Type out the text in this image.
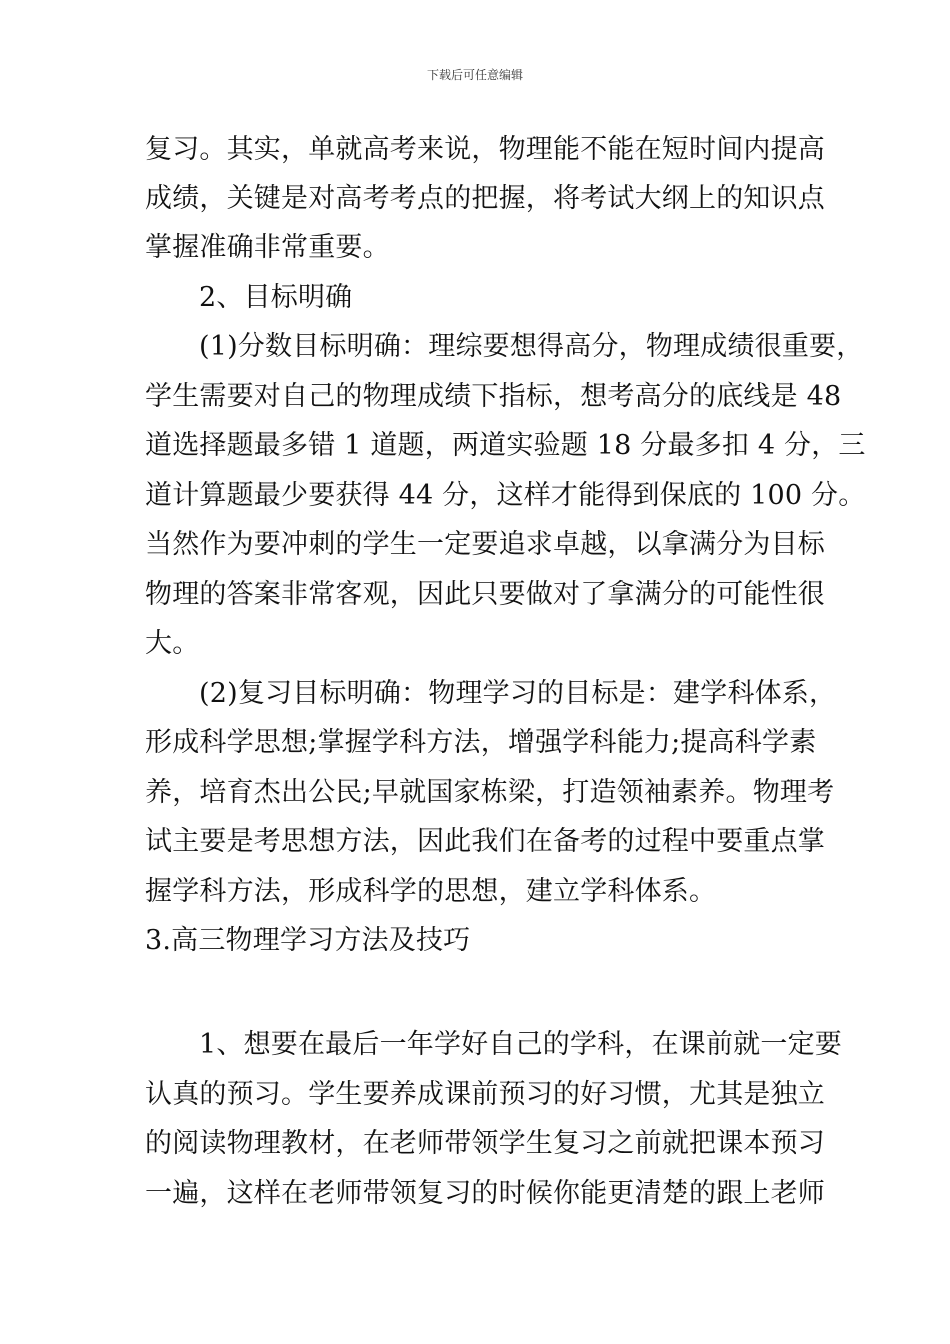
下载后可任意编辑
复习。其实，单就高考来说，物理能不能在短时间内提高
成绩，关键是对高考考点的把握，将考试大纲上的知识点
掌握准确非常重要。
2、目标明确
(1)分数目标明确：理综要想得高分，物理成绩很重要，
学生需要对自己的物理成绩下指标，想考高分的底线是 48
道选择题最多错 1 道题，两道实验题 18 分最多扣 4 分，三
道计算题最少要获得 44 分，这样才能得到保底的 100 分。
当然作为要冲刺的学生一定要追求卓越，以拿满分为目标
物理的答案非常客观，因此只要做对了拿满分的可能性很
大。
(2)复习目标明确：物理学习的目标是：建学科体系，
形成科学思想;掌握学科方法，增强学科能力;提高科学素
养，培育杰出公民;早就国家栋梁，打造领袖素养。物理考
试主要是考思想方法，因此我们在备考的过程中要重点掌
握学科方法，形成科学的思想，建立学科体系。
3.高三物理学习方法及技巧
1、想要在最后一年学好自己的学科，在课前就一定要
认真的预习。学生要养成课前预习的好习惯，尤其是独立
的阅读物理教材，在老师带领学生复习之前就把课本预习
一遍，这样在老师带领复习的时候你能更清楚的跟上老师
